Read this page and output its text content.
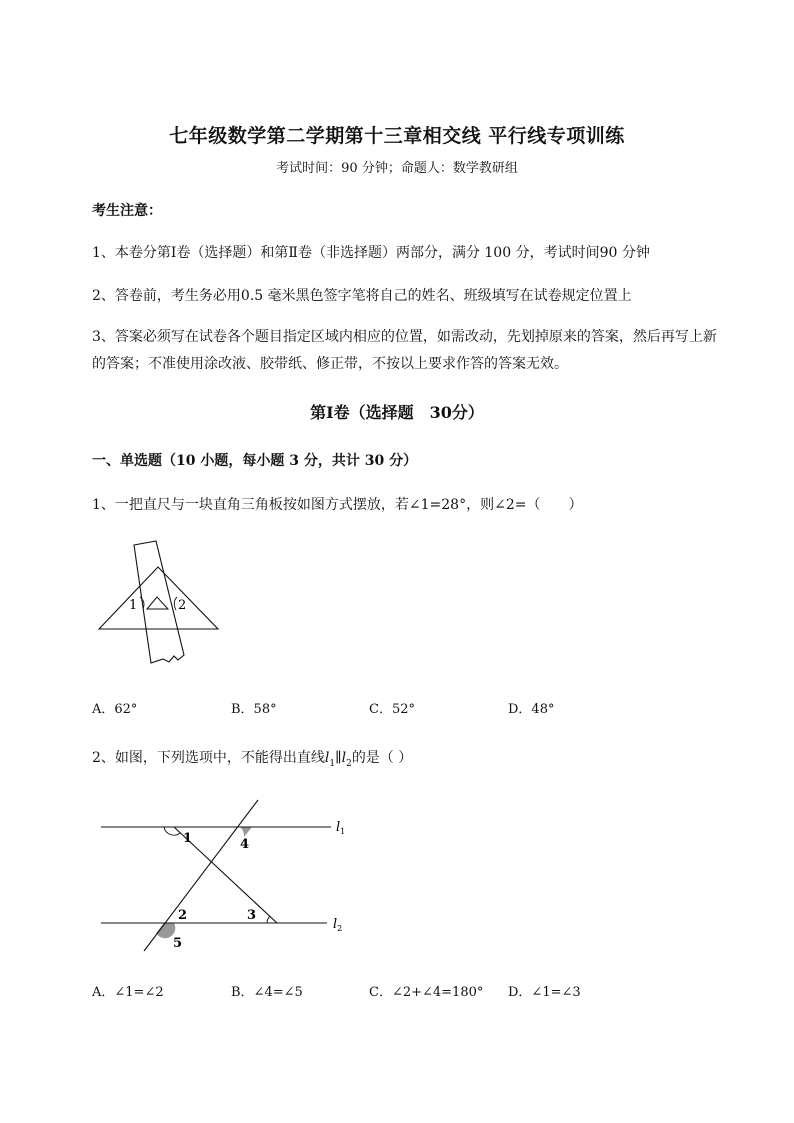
七年级数学第二学期第十三章相交线 平行线专项训练
考试时间：90 分钟；命题人：数学教研组
考生注意：
1、本卷分第Ⅰ卷（选择题）和第Ⅱ卷（非选择题）两部分，满分 100 分，考试时间90 分钟
2、答卷前，考生务必用0.5 毫米黑色签字笔将自己的姓名、班级填写在试卷规定位置上
3、答案必须写在试卷各个题目指定区域内相应的位置，如需改动，先划掉原来的答案，然后再写上新
的答案；不准使用涂改液、胶带纸、修正带，不按以上要求作答的答案无效。
第Ⅰ卷（选择题　30分）
一、单选题（10 小题，每小题 3 分，共计 30 分）
1、一把直尺与一块直角三角板按如图方式摆放，若∠1=28°，则∠2=（　　）
1	2
A．62°	B．58°	C．52°	D．48°
2、如图，下列选项中，不能得出直线$l_1\parallel l_2$的是（ ）
1
2	3
4
5
$l_1$
$l_2$
A．∠1=∠2	B．∠4=∠5	C．∠2+∠4=180° D．∠1=∠3
